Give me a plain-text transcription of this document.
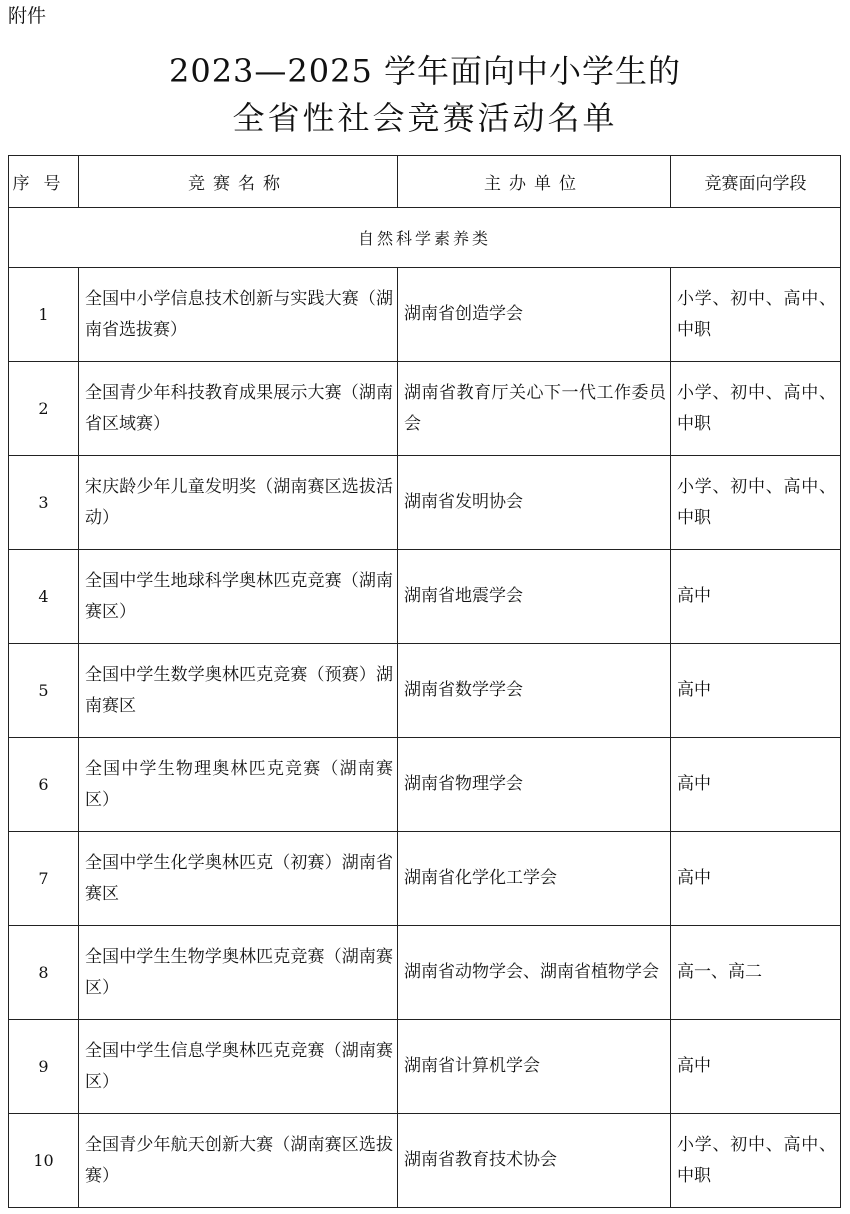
附件
2023—2025 学年面向中小学生的
全省性社会竞赛活动名单
序号	竞赛名称	主办单位	竞赛面向学段
自然科学素养类			
1	全国中小学信息技术创新与实践大赛（湖南省选拔赛）	湖南省创造学会	小学、初中、高中、中职
2	全国青少年科技教育成果展示大赛（湖南省区域赛）	湖南省教育厅关心下一代工作委员会	小学、初中、高中、中职
3	宋庆龄少年儿童发明奖（湖南赛区选拔活动）	湖南省发明协会	小学、初中、高中、中职
4	全国中学生地球科学奥林匹克竞赛（湖南赛区）	湖南省地震学会	高中
5	全国中学生数学奥林匹克竞赛（预赛）湖南赛区	湖南省数学学会	高中
6	全国中学生物理奥林匹克竞赛（湖南赛区）	湖南省物理学会	高中
7	全国中学生化学奥林匹克（初赛）湖南省赛区	湖南省化学化工学会	高中
8	全国中学生生物学奥林匹克竞赛（湖南赛区）	湖南省动物学会、湖南省植物学会	高一、高二
9	全国中学生信息学奥林匹克竞赛（湖南赛区）	湖南省计算机学会	高中
10	全国青少年航天创新大赛（湖南赛区选拔赛）	湖南省教育技术协会	小学、初中、高中、中职
